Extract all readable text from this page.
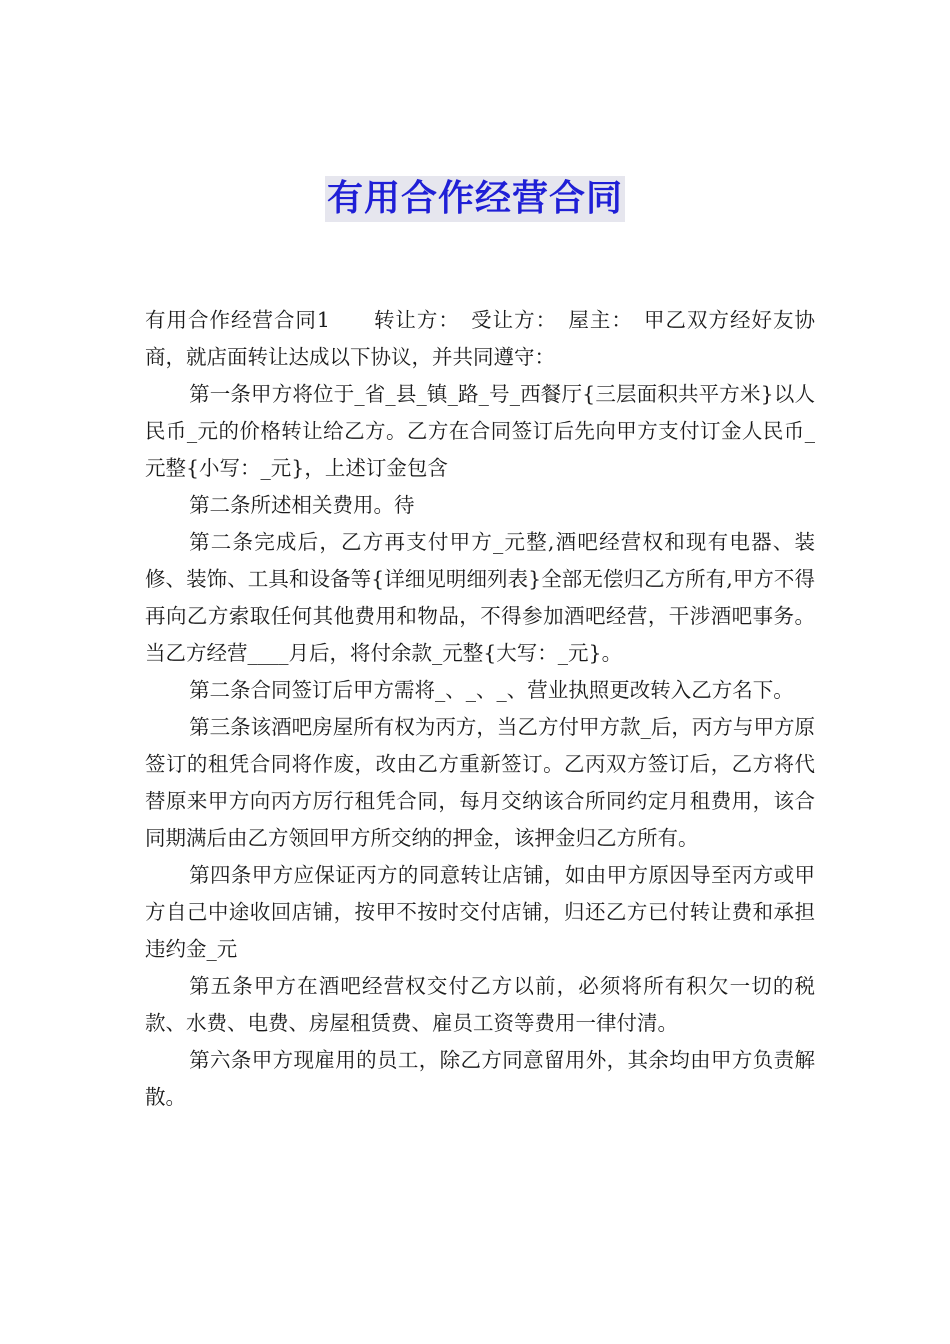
有用合作经营合同

有用合作经营合同1　　转让方：　受让方：　屋主：　甲乙双方经好友协商，就店面转让达成以下协议，并共同遵守：

第一条甲方将位于_省_县_镇_路_号_西餐厅{三层面积共平方米}以人民币_元的价格转让给乙方。乙方在合同签订后先向甲方支付订金人民币_元整{小写：_元}，上述订金包含

第二条所述相关费用。待

第二条完成后，乙方再支付甲方_元整,酒吧经营权和现有电器、装修、装饰、工具和设备等{详细见明细列表}全部无偿归乙方所有,甲方不得再向乙方索取任何其他费用和物品，不得参加酒吧经营，干涉酒吧事务。当乙方经营____月后，将付余款_元整{大写：_元}。

第二条合同签订后甲方需将_、_、_、营业执照更改转入乙方名下。

第三条该酒吧房屋所有权为丙方，当乙方付甲方款_后，丙方与甲方原签订的租凭合同将作废，改由乙方重新签订。乙丙双方签订后，乙方将代替原来甲方向丙方厉行租凭合同，每月交纳该合所同约定月租费用，该合同期满后由乙方领回甲方所交纳的押金，该押金归乙方所有。

第四条甲方应保证丙方的同意转让店铺，如由甲方原因导至丙方或甲方自己中途收回店铺，按甲不按时交付店铺，归还乙方已付转让费和承担违约金_元

第五条甲方在酒吧经营权交付乙方以前，必须将所有积欠一切的税款、水费、电费、房屋租赁费、雇员工资等费用一律付清。

第六条甲方现雇用的员工，除乙方同意留用外，其余均由甲方负责解散。
